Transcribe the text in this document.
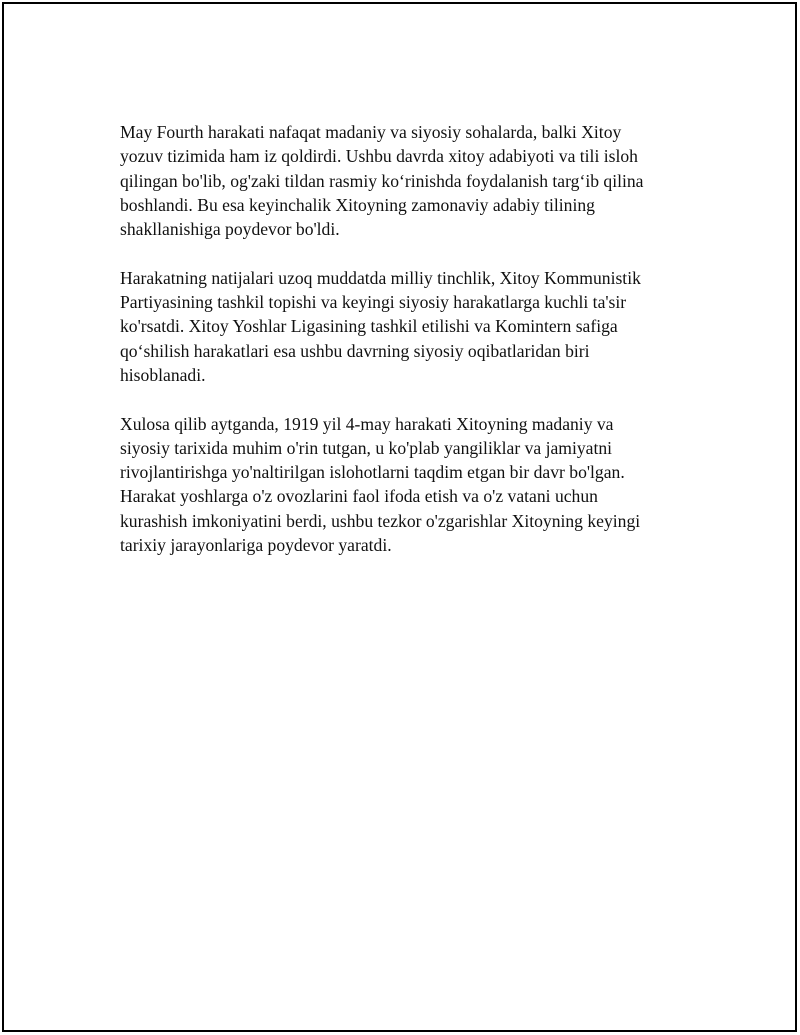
May Fourth harakati nafaqat madaniy va siyosiy sohalarda, balki Xitoy
yozuv tizimida ham iz qoldirdi. Ushbu davrda xitoy adabiyoti va tili isloh
qilingan bo'lib, og'zaki tildan rasmiy ko‘rinishda foydalanish targ‘ib qilina
boshlandi. Bu esa keyinchalik Xitoyning zamonaviy adabiy tilining
shakllanishiga poydevor bo'ldi.

Harakatning natijalari uzoq muddatda milliy tinchlik, Xitoy Kommunistik
Partiyasining tashkil topishi va keyingi siyosiy harakatlarga kuchli ta'sir
ko'rsatdi. Xitoy Yoshlar Ligasining tashkil etilishi va Komintern safiga
qo‘shilish harakatlari esa ushbu davrning siyosiy oqibatlaridan biri
hisoblanadi.

Xulosa qilib aytganda, 1919 yil 4-may harakati Xitoyning madaniy va
siyosiy tarixida muhim o'rin tutgan, u ko'plab yangiliklar va jamiyatni
rivojlantirishga yo'naltirilgan islohotlarni taqdim etgan bir davr bo'lgan.
Harakat yoshlarga o'z ovozlarini faol ifoda etish va o'z vatani uchun
kurashish imkoniyatini berdi, ushbu tezkor o'zgarishlar Xitoyning keyingi
tarixiy jarayonlariga poydevor yaratdi.
